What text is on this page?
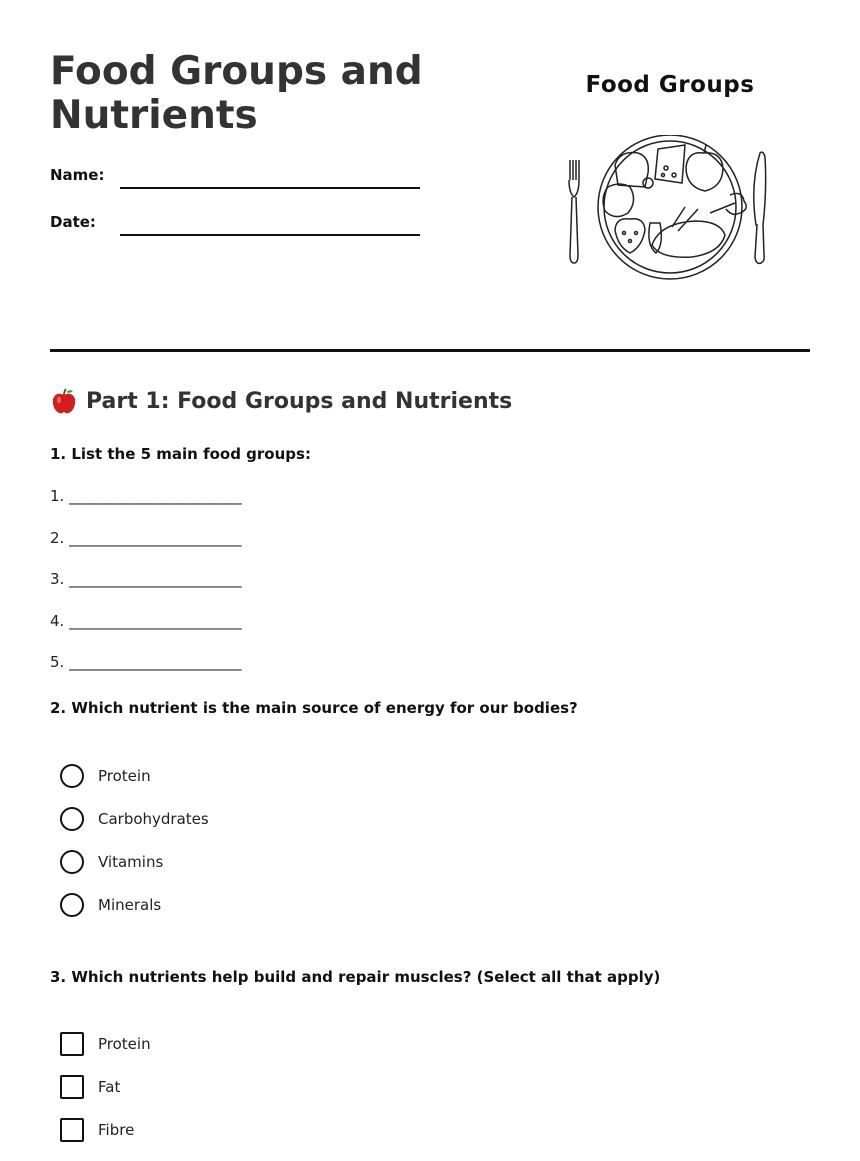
Food Groups and Nutrients
Name:
Date:
Food Groups
Part 1: Food Groups and Nutrients

1. List the 5 main food groups:

1. _______________________
2. _______________________
3. _______________________
4. _______________________
5. _______________________

2. Which nutrient is the main source of energy for our bodies?

Protein
Carbohydrates
Vitamins
Minerals

3. Which nutrients help build and repair muscles? (Select all that apply)

Protein
Fat
Fibre
